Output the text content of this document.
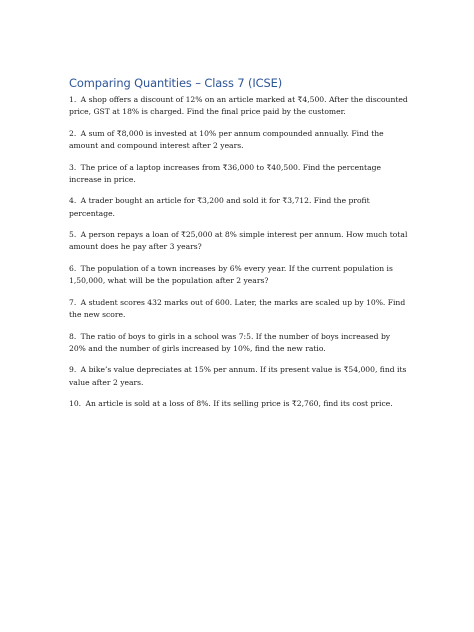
Comparing Quantities – Class 7 (ICSE)
1. A shop offers a discount of 12% on an article marked at ₹4,500. After the discounted price, GST at 18% is charged. Find the final price paid by the customer.
2. A sum of ₹8,000 is invested at 10% per annum compounded annually. Find the amount and compound interest after 2 years.
3. The price of a laptop increases from ₹36,000 to ₹40,500. Find the percentage increase in price.
4. A trader bought an article for ₹3,200 and sold it for ₹3,712. Find the profit percentage.
5. A person repays a loan of ₹25,000 at 8% simple interest per annum. How much total amount does he pay after 3 years?
6. The population of a town increases by 6% every year. If the current population is 1,50,000, what will be the population after 2 years?
7. A student scores 432 marks out of 600. Later, the marks are scaled up by 10%. Find the new score.
8. The ratio of boys to girls in a school was 7:5. If the number of boys increased by 20% and the number of girls increased by 10%, find the new ratio.
9. A bike’s value depreciates at 15% per annum. If its present value is ₹54,000, find its value after 2 years.
10. An article is sold at a loss of 8%. If its selling price is ₹2,760, find its cost price.
